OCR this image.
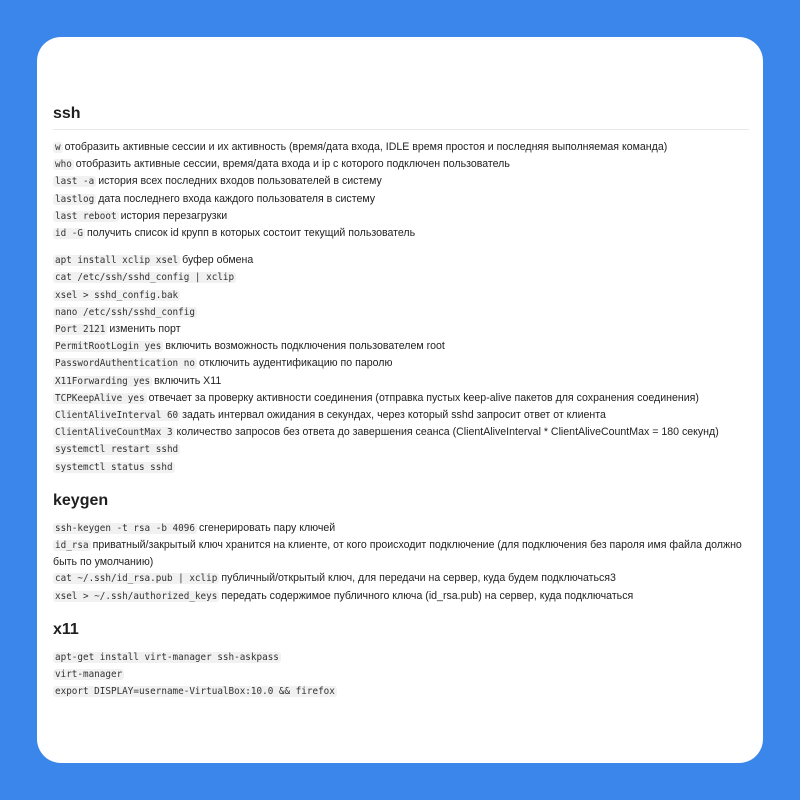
ssh
w отобразить активные сессии и их активность (время/дата входа, IDLE время простоя и последняя выполняемая команда)
who отобразить активные сессии, время/дата входа и ip с которого подключен пользователь
last -a история всех последних входов пользователей в систему
lastlog дата последнего входа каждого пользователя в систему
last reboot история перезагрузки
id -G получить список id крупп в которых состоит текущий пользователь
apt install xclip xsel буфер обмена
cat /etc/ssh/sshd_config | xclip
xsel > sshd_config.bak
nano /etc/ssh/sshd_config
Port 2121 изменить порт
PermitRootLogin yes включить возможность подключения пользователем root
PasswordAuthentication no отключить аудентификацию по паролю
X11Forwarding yes включить X11
TCPKeepAlive yes отвечает за проверку активности соединения (отправка пустых keep-alive пакетов для сохранения соединения)
ClientAliveInterval 60 задать интервал ожидания в секундах, через который sshd запросит ответ от клиента
ClientAliveCountMax 3 количество запросов без ответа до завершения сеанса (ClientAliveInterval * ClientAliveCountMax = 180 секунд)
systemctl restart sshd
systemctl status sshd
keygen
ssh-keygen -t rsa -b 4096 сгенерировать пару ключей
id_rsa приватный/закрытый ключ хранится на клиенте, от кого происходит подключение (для подключения без пароля имя файла должно быть по умолчанию)
cat ~/.ssh/id_rsa.pub | xclip публичный/открытый ключ, для передачи на сервер, куда будем подключаться3
xsel > ~/.ssh/authorized_keys передать содержимое публичного ключа (id_rsa.pub) на сервер, куда подключаться
x11
apt-get install virt-manager ssh-askpass
virt-manager
export DISPLAY=username-VirtualBox:10.0 && firefox
